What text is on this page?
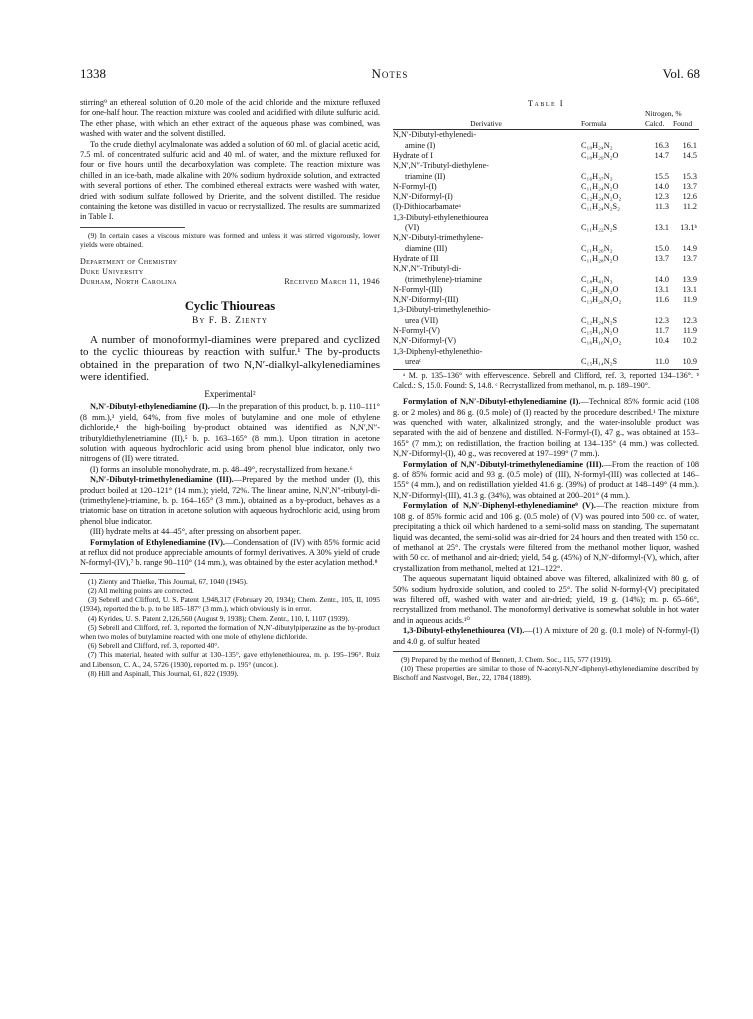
1338	Notes	Vol. 68

stirring⁹ an ethereal solution of 0.20 mole of the acid chloride and the mixture refluxed for one-half hour. The reaction mixture was cooled and acidified with dilute sulfuric acid. The ether phase, with which an ether extract of the aqueous phase was combined, was washed with water and the solvent distilled.

To the crude diethyl acylmalonate was added a solution of 60 ml. of glacial acetic acid, 7.5 ml. of concentrated sulfuric acid and 40 ml. of water, and the mixture refluxed for four or five hours until the decarboxylation was complete. The reaction mixture was chilled in an ice-bath, made alkaline with 20% sodium hydroxide solution, and extracted with several portions of ether. The combined ethereal extracts were washed with water, dried with sodium sulfate followed by Drierite, and the solvent distilled. The residue containing the ketone was distilled in vacuo or recrystallized. The results are summarized in Table I.

(9) In certain cases a viscous mixture was formed and unless it was stirred vigorously, lower yields were obtained.

Department of Chemistry
Duke University
Durham, North Carolina	Received March 11, 1946
Cyclic Thioureas
By F. B. Zienty

A number of monoformyl-diamines were prepared and cyclized to the cyclic thioureas by reaction with sulfur.¹ The by-products obtained in the preparation of two N,N′-dialkyl-alkylenediamines were identified.

Experimental²

N,N′-Dibutyl-ethylenediamine (I).—In the preparation of this product, b. p. 110–111° (8 mm.),³ yield, 64%, from five moles of butylamine and one mole of ethylene dichloride,⁴ the high-boiling by-product obtained was identified as N,N′,N″-tributyldiethylenetriamine (II),⁵ b. p. 163–165° (8 mm.). Upon titration in acetone solution with aqueous hydrochloric acid using brom phenol blue indicator, only two nitrogens of (II) were titrated.

(I) forms an insoluble monohydrate, m. p. 48–49°, recrystallized from hexane.⁶

N,N′-Dibutyl-trimethylenediamine (III).—Prepared by the method under (I), this product boiled at 120–121° (14 mm.); yield, 72%. The linear amine, N,N′,N″-tributyl-di-(trimethylene)-triamine, b. p. 164–165° (3 mm.), obtained as a by-product, behaves as a triatomic base on titration in acetone solution with aqueous hydrochloric acid, using brom phenol blue indicator.

(III) hydrate melts at 44–45°, after pressing on absorbent paper.

Formylation of Ethylenediamine (IV).—Condensation of (IV) with 85% formic acid at reflux did not produce appreciable amounts of formyl derivatives. A 30% yield of crude N-formyl-(IV),⁷ b. range 90–110° (14 mm.), was obtained by the ester acylation method.⁸

(1) Zienty and Thielke, This Journal, 67, 1040 (1945).

(2) All melting points are corrected.

(3) Sebrell and Clifford, U. S. Patent 1,948,317 (February 20, 1934); Chem. Zentr., 105, II, 1095 (1934), reported the b. p. to be 185–187° (3 mm.), which obviously is in error.

(4) Kyrides, U. S. Patent 2,126,560 (August 9, 1938); Chem. Zentr., 110, I, 1107 (1939).

(5) Sebrell and Clifford, ref. 3, reported the formation of N,N′-dibutylpiperazine as the by-product when two moles of butylamine reacted with one mole of ethylene dichloride.

(6) Sebrell and Clifford, ref. 3, reported 40°.

(7) This material, heated with sulfur at 130–135°, gave ethylenethiourea, m. p. 195–196°. Ruiz and Libenson, C. A., 24, 5726 (1930), reported m. p. 195° (uncor.).

(8) Hill and Aspinall, This Journal, 61, 822 (1939).

Table I
Derivative	Formula	Nitrogen, %	
		Calcd.	Found
N,N′-Dibutyl-ethylenedi-			
amine (I)	C₁₀H₂₄N₂	16.3	16.1
Hydrate of I	C₁₀H₂₆N₂O	14.7	14.5
N,N′,N″-Tributyl-diethylene-			
triamine (II)	C₁₆H₃₇N₃	15.5	15.3
N-Formyl-(I)	C₁₁H₂₄N₂O	14.0	13.7
N,N′-Diformyl-(I)	C₁₂H₂₄N₂O₂	12.3	12.6
(I)-Dithiocarbamateᵃ	C₁₁H₂₄N₂S₂	11.3	11.2
1,3-Dibutyl-ethylenethiourea			
(VI)	C₁₁H₂₂N₂S	13.1	13.1ᵇ
N,N′-Dibutyl-trimethylene-			
diamine (III)	C₁₁H₂₆N₂	15.0	14.9
Hydrate of III	C₁₁H₂₈N₂O	13.7	13.7
N,N′,N″-Tributyl-di-			
(trimethylene)-triamine	C₁₈H₄₁N₃	14.0	13.9
N-Formyl-(III)	C₁₂H₂₆N₂O	13.1	13.1
N,N′-Diformyl-(III)	C₁₃H₂₆N₂O₂	11.6	11.9
1,3-Dibutyl-trimethylenethio-			
urea (VII)	C₁₂H₂₄N₂S	12.3	12.3
N-Formyl-(V)	C₁₅H₁₆N₂O	11.7	11.9
N,N′-Diformyl-(V)	C₁₆H₁₆N₂O₂	10.4	10.2
1,3-Diphenyl-ethylenethio-			
ureaᶜ	C₁₅H₁₄N₂S	11.0	10.9
ᵃ M. p. 135–136° with effervescence. Sebrell and Clifford, ref. 3, reported 134–136°. ᵇ Calcd.: S, 15.0. Found: S, 14.8. ᶜ Recrystallized from methanol, m. p. 189–190°.

Formylation of N,N′-Dibutyl-ethylenediamine (I).—Technical 85% formic acid (108 g. or 2 moles) and 86 g. (0.5 mole) of (I) reacted by the procedure described.¹ The mixture was quenched with water, alkalinized strongly, and the water-insoluble product was separated with the aid of benzene and distilled. N-Formyl-(I), 47 g., was obtained at 153–165° (7 mm.); on redistillation, the fraction boiling at 134–135° (4 mm.) was collected. N,N′-Diformyl-(I), 40 g., was recovered at 197–199° (7 mm.).

Formylation of N,N′-Dibutyl-trimethylenediamine (III).—From the reaction of 108 g. of 85% formic acid and 93 g. (0.5 mole) of (III), N-formyl-(III) was collected at 146–155° (4 mm.), and on redistillation yielded 41.6 g. (39%) of product at 148–149° (4 mm.). N,N′-Diformyl-(III), 41.3 g. (34%), was obtained at 200–201° (4 mm.).

Formylation of N,N′-Diphenyl-ethylenediamine⁹ (V).—The reaction mixture from 108 g. of 85% formic acid and 106 g. (0.5 mole) of (V) was poured into 500 cc. of water, precipitating a thick oil which hardened to a semi-solid mass on standing. The supernatant liquid was decanted, the semi-solid was air-dried for 24 hours and then treated with 150 cc. of methanol at 25°. The crystals were filtered from the methanol mother liquor, washed with 50 cc. of methanol and air-dried; yield, 54 g. (45%) of N,N′-diformyl-(V), which, after crystallization from methanol, melted at 121–122°.

The aqueous supernatant liquid obtained above was filtered, alkalinized with 80 g. of 50% sodium hydroxide solution, and cooled to 25°. The solid N-formyl-(V) precipitated was filtered off, washed with water and air-dried; yield, 19 g. (14%); m. p. 65–66°, recrystallized from methanol. The monoformyl derivative is somewhat soluble in hot water and in aqueous acids.¹⁰

1,3-Dibutyl-ethylenethiourea (VI).—(1) A mixture of 20 g. (0.1 mole) of N-formyl-(I) and 4.0 g. of sulfur heated

(9) Prepared by the method of Bennett, J. Chem. Soc., 115, 577 (1919).

(10) These properties are similar to those of N-acetyl-N,N′-diphenyl-ethylenediamine described by Bischoff and Nastvogel, Ber., 22, 1784 (1889).
